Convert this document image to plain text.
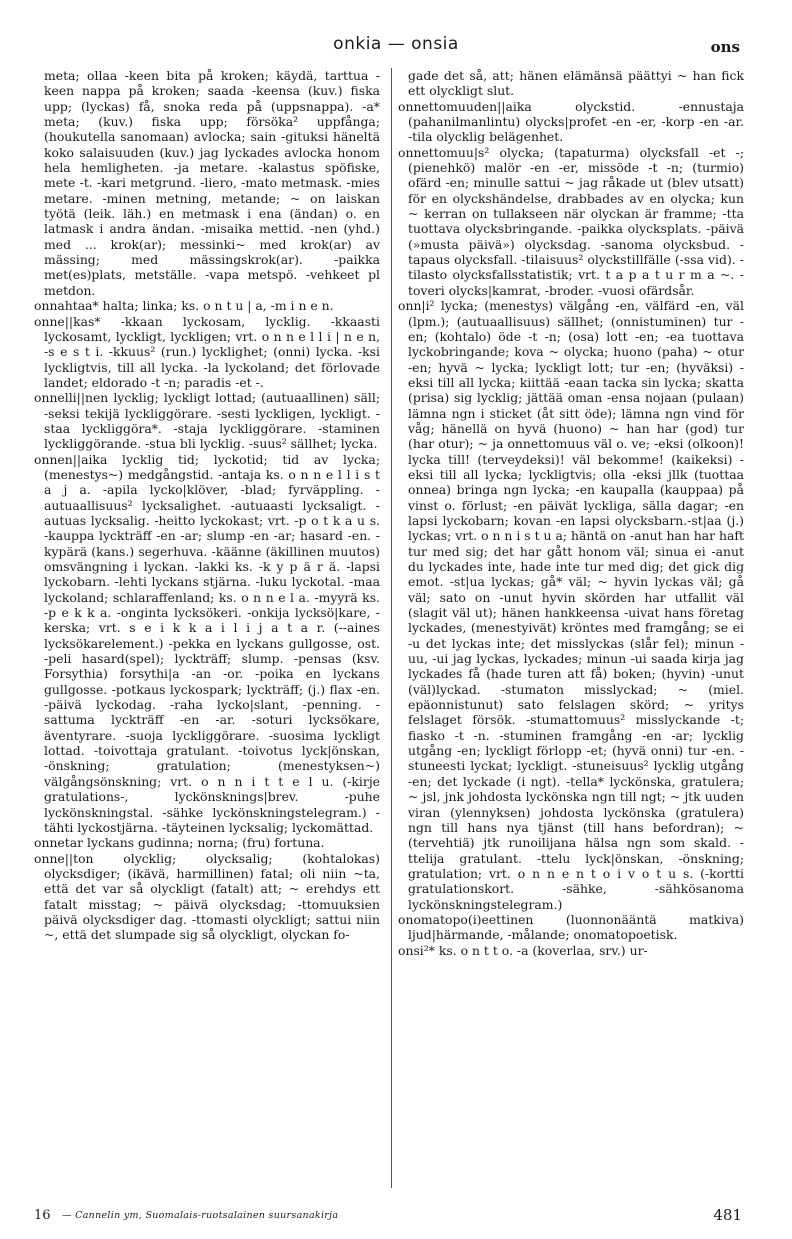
onkia — onsia	ons

meta; ollaa -keen bita på kroken; käydä, tarttua -keen nappa på kroken; saada -keensa (kuv.) fiska upp; (lyckas) få, snoka reda på (uppsnappa). -a* meta; (kuv.) fiska upp; försöka² uppfånga; (houkutella sanomaan) avlocka; sain -gituksi häneltä koko salaisuuden (kuv.) jag lyckades avlocka honom hela hemligheten. -ja metare. -kalastus spöfiske, mete -t. -kari metgrund. -liero, -mato metmask. -mies metare. -minen metning, metande; ~ on laiskan työtä (leik. läh.) en metmask i ena (ändan) o. en latmask i andra ändan. -misaika mettid. -nen (yhd.) med ... krok(ar); messinki~ med krok(ar) av mässing; med mässingskrok(ar). -paikka met(es)plats, metställe. -vapa metspö. -vehkeet pl metdon.

onnahtaa* halta; linka; ks. o n t u | a, -m i n e n.

onne||kas* -kkaan lyckosam, lycklig. -kkaasti lyckosamt, lyckligt, lyckligen; vrt. o n n e l l i | n e n, -s e s t i. -kkuus² (run.) lycklighet; (onni) lycka. -ksi lyckligtvis, till all lycka. -la lyckoland; det förlovade landet; eldorado -t -n; paradis -et -.

onnelli||nen lycklig; lyckligt lottad; (autuaallinen) säll; -seksi tekijä lyckliggörare. -sesti lyckligen, lyckligt. -staa lyckliggöra*. -staja lyckliggörare. -staminen lyckliggörande. -stua bli lycklig. -suus² sällhet; lycka.

onnen||aika lycklig tid; lyckotid; tid av lycka; (menestys~) medgångstid. -antaja ks. o n n e l l i s t a j a. -apila lycko|klöver, -blad; fyrväppling. -autuaallisuus² lycksalighet. -autuaasti lycksaligt. -autuas lycksalig. -heitto lyckokast; vrt. -p o t k a u s. -kauppa lyckträff -en -ar; slump -en -ar; hasard -en. -kypärä (kans.) segerhuva. -käänne (äkillinen muutos) omsvängning i lyckan. -lakki ks. -k y p ä r ä. -lapsi lyckobarn. -lehti lyckans stjärna. -luku lyckotal. -maa lyckoland; schlaraffenland; ks. o n n e l a. -myyrä ks. -p e k k a. -onginta lycksökeri. -onkija lycksö|kare, -kerska; vrt. s e i k k a i l i j a t a r. (--aines lycksökarelement.) -pekka en lyckans gullgosse, ost. -peli hasard(spel); lyckträff; slump. -pensas (ksv. Forsythia) forsythi|a -an -or. -poika en lyckans gullgosse. -potkaus lyckospark; lyckträff; (j.) flax -en. -päivä lyckodag. -raha lycko|slant, -penning. -sattuma lyckträff -en -ar. -soturi lycksökare, äventyrare. -suoja lyckliggörare. -suosima lyckligt lottad. -toivottaja gratulant. -toivotus lyck|önskan, -önskning; gratulation; (menestyksen~) välgångsönskning; vrt. o n n i t t e l u. (-kirje gratulations-, lyckönsknings|brev. -puhe lyckönskningstal. -sähke lyckönskningstelegram.) -tähti lyckostjärna. -täyteinen lycksalig; lyckomättad.

onnetar lyckans gudinna; norna; (fru) fortuna.

onne||ton olycklig; olycksalig; (kohtalokas) olycksdiger; (ikävä, harmillinen) fatal; oli niin ~ta, että det var så olyckligt (fatalt) att; ~ erehdys ett fatalt misstag; ~ päivä olycksdag; -ttomuuksien päivä olycksdiger dag. -ttomasti olyckligt; sattui niin ~, että det slumpade sig så olyckligt, olyckan fo-

gade det så, att; hänen elämänsä päättyi ~ han fick ett olyckligt slut.

onnettomuuden||aika olyckstid. -ennustaja (pahanilmanlintu) olycks|profet -en -er, -korp -en -ar. -tila olycklig belägenhet.

onnettomuu|s² olycka; (tapaturma) olycksfall -et -; (pienehkö) malör -en -er, missöde -t -n; (turmio) ofärd -en; minulle sattui ~ jag råkade ut (blev utsatt) för en olyckshändelse, drabbades av en olycka; kun ~ kerran on tullakseen när olyckan är framme; -tta tuottava olycksbringande. -paikka olycksplats. -päivä (»musta päivä») olycksdag. -sanoma olycksbud. -tapaus olycksfall. -tilaisuus² olyckstillfälle (-ssa vid). -tilasto olycksfallsstatistik; vrt. t a p a t u r m a ~. -toveri olycks|kamrat, -broder. -vuosi ofärdsår.

onn|i² lycka; (menestys) välgång -en, välfärd -en, väl (lpm.); (autuaallisuus) sällhet; (onnistuminen) tur -en; (kohtalo) öde -t -n; (osa) lott -en; -ea tuottava lyckobringande; kova ~ olycka; huono (paha) ~ otur -en; hyvä ~ lycka; lyckligt lott; tur -en; (hyväksi) -eksi till all lycka; kiittää -eaan tacka sin lycka; skatta (prisa) sig lycklig; jättää oman -ensa nojaan (pulaan) lämna ngn i sticket (åt sitt öde); lämna ngn vind för våg; hänellä on hyvä (huono) ~ han har (god) tur (har otur); ~ ja onnettomuus väl o. ve; -eksi (olkoon)! lycka till! (terveydeksi)! väl bekomme! (kaikeksi) -eksi till all lycka; lyckligtvis; olla -eksi jllk (tuottaa onnea) bringa ngn lycka; -en kaupalla (kauppaa) på vinst o. förlust; -en päivät lyckliga, sälla dagar; -en lapsi lyckobarn; kovan -en lapsi olycksbarn.-st|aa (j.) lyckas; vrt. o n n i s t u a; häntä on -anut han har haft tur med sig; det har gått honom väl; sinua ei -anut du lyckades inte, hade inte tur med dig; det gick dig emot. -st|ua lyckas; gå* väl; ~ hyvin lyckas väl; gå väl; sato on -unut hyvin skörden har utfallit väl (slagit väl ut); hänen hankkeensa -uivat hans företag lyckades, (menestyivät) kröntes med framgång; se ei -u det lyckas inte; det misslyckas (slår fel); minun -uu, -ui jag lyckas, lyckades; minun -ui saada kirja jag lyckades få (hade turen att få) boken; (hyvin) -unut (väl)lyckad. -stumaton misslyckad; ~ (miel. epäonnistunut) sato felslagen skörd; ~ yritys felslaget försök. -stumattomuus² misslyckande -t; fiasko -t -n. -stuminen framgång -en -ar; lycklig utgång -en; lyckligt förlopp -et; (hyvä onni) tur -en. -stuneesti lyckat; lyckligt. -stuneisuus² lycklig utgång -en; det lyckade (i ngt). -tella* lyckönska, gratulera; ~ jsl, jnk johdosta lyckönska ngn till ngt; ~ jtk uuden viran (ylennyksen) johdosta lyckönska (gratulera) ngn till hans nya tjänst (till hans befordran); ~ (tervehtiä) jtk runoilijana hälsa ngn som skald. -ttelija gratulant. -ttelu lyck|önskan, -önskning; gratulation; vrt. o n n e n t o i v o t u s. (-kortti gratulationskort. -sähke, -sähkösanoma lyckönskningstelegram.)

onomatopo(i)eettinen (luonnonääntä matkiva) ljud|härmande, -målande; onomatopoetisk.

onsi²* ks. o n t t o. -a (koverlaa, srv.) ur-

16 — Cannelin ym, Suomalais-ruotsalainen suursanakirja	481
